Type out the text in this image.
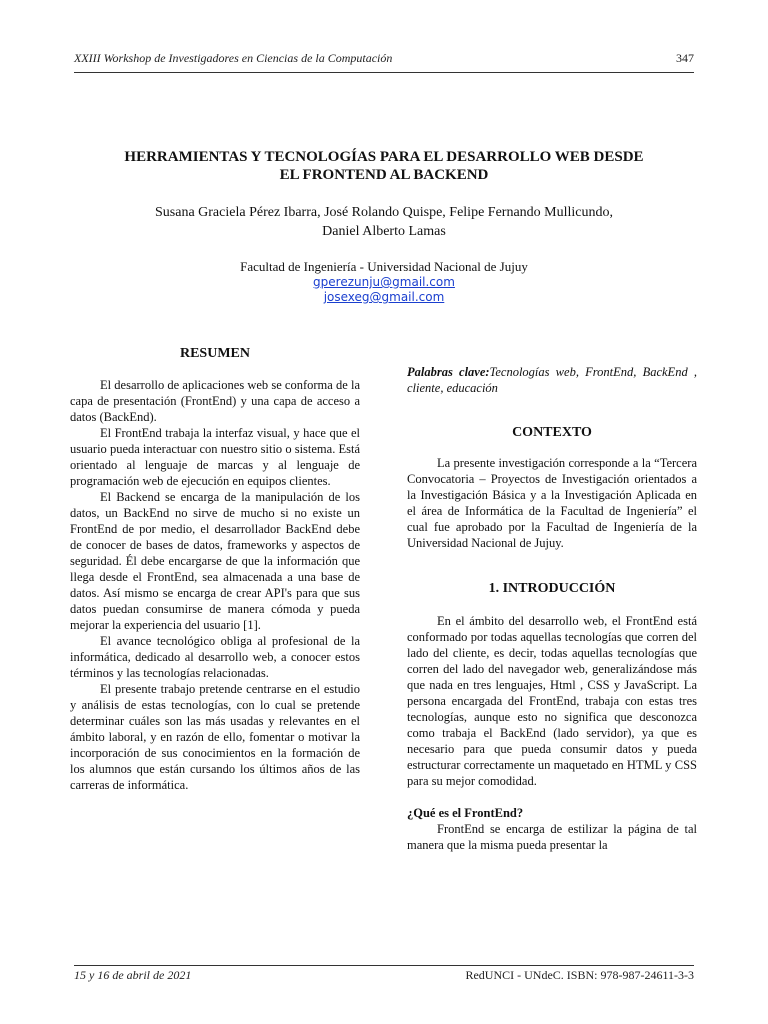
XXIII Workshop de Investigadores en Ciencias de la Computación	347
HERRAMIENTAS Y TECNOLOGÍAS PARA EL DESARROLLO WEB DESDE
EL FRONTEND AL BACKEND

Susana Graciela Pérez Ibarra, José Rolando Quispe, Felipe Fernando Mullicundo,
Daniel Alberto Lamas

Facultad de Ingeniería - Universidad Nacional de Jujuy
gperezunju@gmail.com
josexeg@gmail.com
RESUMEN

El desarrollo de aplicaciones web se conforma de la capa de presentación (FrontEnd) y una capa de acceso a datos (BackEnd).

El FrontEnd trabaja la interfaz visual, y hace que el usuario pueda interactuar con nuestro sitio o sistema. Está orientado al lenguaje de marcas y al lenguaje de programación web de ejecución en equipos clientes.

El Backend se encarga de la manipulación de los datos, un BackEnd no sirve de mucho si no existe un FrontEnd de por medio, el desarrollador BackEnd debe de conocer de bases de datos, frameworks y aspectos de seguridad. Él debe encargarse de que la información que llega desde el FrontEnd, sea almacenada a una base de datos. Así mismo se encarga de crear API's para que sus datos puedan consumirse de manera cómoda y pueda mejorar la experiencia del usuario [1].

El avance tecnológico obliga al profesional de la informática, dedicado al desarrollo web, a conocer estos términos y las tecnologías relacionadas.

El presente trabajo pretende centrarse en el estudio y análisis de estas tecnologías, con lo cual se pretende determinar cuáles son las más usadas y relevantes en el ámbito laboral, y en razón de ello, fomentar o motivar la incorporación de sus conocimientos en la formación de los alumnos que están cursando los últimos años de las carreras de informática.

Palabras clave:Tecnologías web, FrontEnd, BackEnd , cliente, educación

CONTEXTO

La presente investigación corresponde a la “Tercera Convocatoria – Proyectos de Investigación orientados a la Investigación Básica y a la Investigación Aplicada en el área de Informática de la Facultad de Ingeniería” el cual fue aprobado por la Facultad de Ingeniería de la Universidad Nacional de Jujuy.

1. INTRODUCCIÓN

En el ámbito del desarrollo web, el FrontEnd está conformado por todas aquellas tecnologías que corren del lado del cliente, es decir, todas aquellas tecnologías que corren del lado del navegador web, generalizándose más que nada en tres lenguajes, Html , CSS y JavaScript. La persona encargada del FrontEnd, trabaja con estas tres tecnologías, aunque esto no significa que desconozca como trabaja el BackEnd (lado servidor), ya que es necesario para que pueda consumir datos y pueda estructurar correctamente un maquetado en HTML y CSS para su mejor comodidad.

¿Qué es el FrontEnd?

FrontEnd se encarga de estilizar la página de tal manera que la misma pueda presentar la

15 y 16 de abril de 2021	RedUNCI - UNdeC. ISBN: 978-987-24611-3-3
